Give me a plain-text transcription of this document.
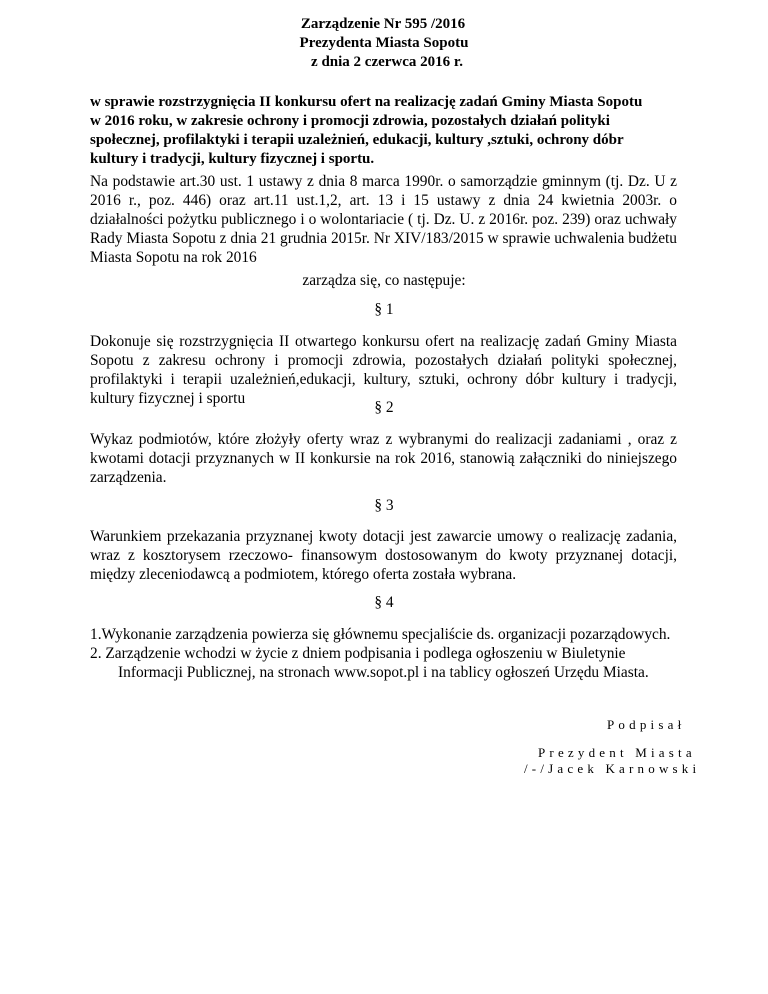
Zarządzenie Nr 595 /2016
Prezydenta Miasta Sopotu
z dnia 2 czerwca 2016 r.
w sprawie rozstrzygnięcia II konkursu ofert na realizację zadań Gminy Miasta Sopotu
w 2016 roku, w zakresie ochrony i promocji zdrowia, pozostałych działań polityki
społecznej, profilaktyki i terapii uzależnień, edukacji, kultury ,sztuki, ochrony dóbr
kultury i tradycji, kultury fizycznej i sportu.
Na podstawie art.30 ust. 1 ustawy z dnia 8 marca 1990r. o samorządzie gminnym (tj. Dz. U z 2016 r., poz. 446) oraz art.11 ust.1,2, art. 13 i 15 ustawy z dnia 24 kwietnia 2003r. o działalności pożytku publicznego i o wolontariacie ( tj. Dz. U. z 2016r. poz. 239) oraz uchwały Rady Miasta Sopotu z dnia 21 grudnia 2015r. Nr XIV/183/2015 w sprawie uchwalenia budżetu Miasta Sopotu na rok 2016
zarządza się, co następuje:
§ 1
Dokonuje się rozstrzygnięcia II otwartego konkursu ofert na realizację zadań Gminy Miasta Sopotu z zakresu ochrony i promocji zdrowia, pozostałych działań polityki społecznej, profilaktyki i terapii uzależnień,edukacji, kultury, sztuki, ochrony dóbr kultury i tradycji, kultury fizycznej i sportu
§ 2
Wykaz podmiotów, które złożyły oferty wraz z wybranymi do realizacji zadaniami , oraz z kwotami dotacji przyznanych w II konkursie na rok 2016, stanowią załączniki do niniejszego zarządzenia.
§ 3
Warunkiem przekazania przyznanej kwoty dotacji jest zawarcie umowy o realizację zadania, wraz z kosztorysem rzeczowo- finansowym dostosowanym do kwoty przyznanej dotacji, między zleceniodawcą a podmiotem, którego oferta została wybrana.
§ 4
1.Wykonanie zarządzenia powierza się głównemu specjaliście ds. organizacji pozarządowych.
2. Zarządzenie wchodzi w życie z dniem podpisania i podlega ogłoszeniu w Biuletynie
Informacji Publicznej, na stronach www.sopot.pl i na tablicy ogłoszeń Urzędu Miasta.
Podpisał
Prezydent Miasta
/-/Jacek Karnowski
